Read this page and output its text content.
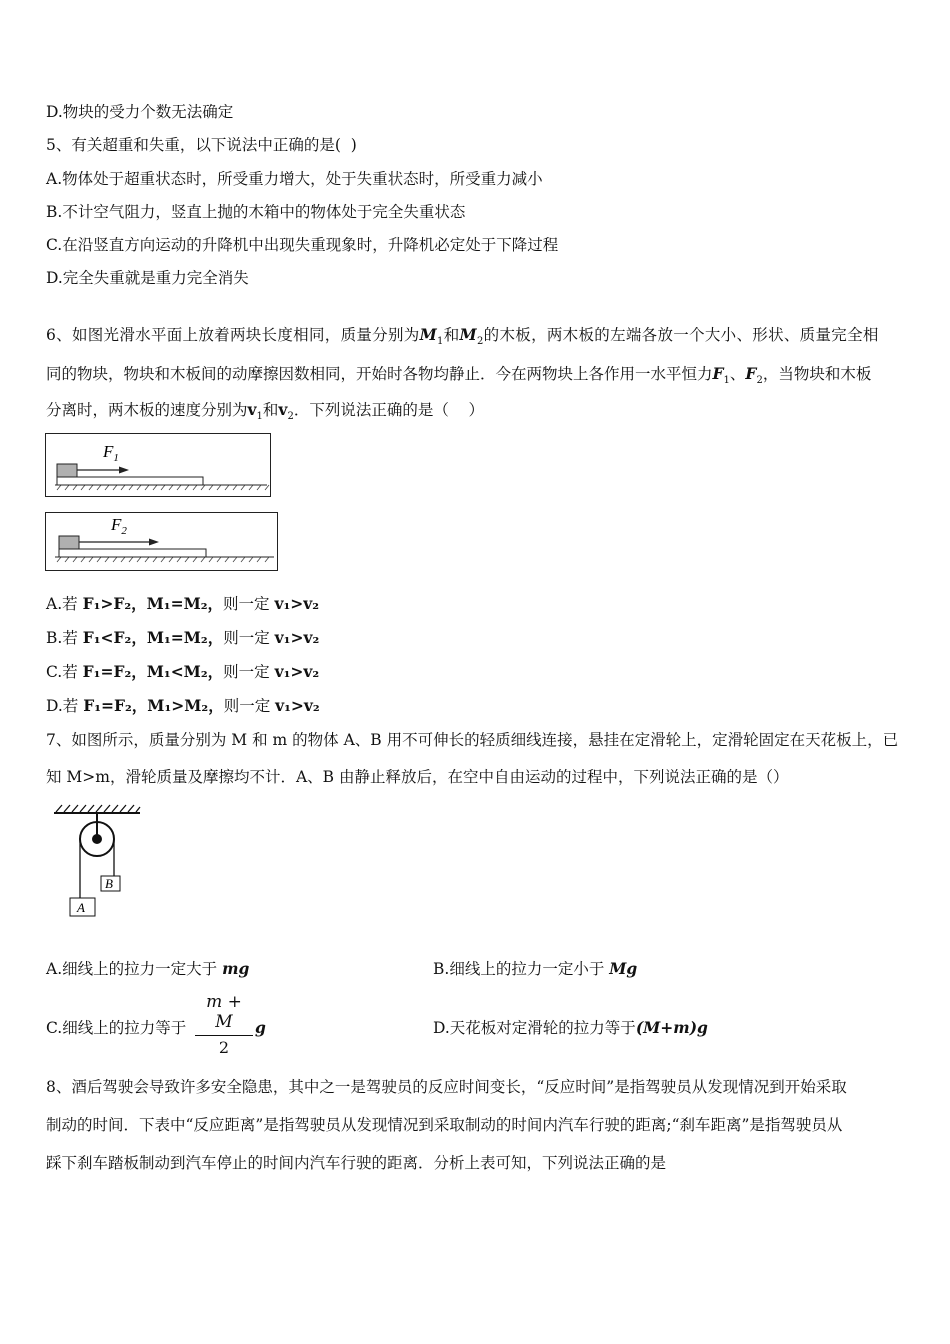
D.物块的受力个数无法确定
5、有关超重和失重，以下说法中正确的是(  )
A.物体处于超重状态时，所受重力增大，处于失重状态时，所受重力减小
B.不计空气阻力，竖直上抛的木箱中的物体处于完全失重状态
C.在沿竖直方向运动的升降机中出现失重现象时，升降机必定处于下降过程
D.完全失重就是重力完全消失
6、如图光滑水平面上放着两块长度相同，质量分别为$M_1$和$M_2$的木板，两木板的左端各放一个大小、形状、质量完全相
同的物块，物块和木板间的动摩擦因数相同，开始时各物均静止．今在两物块上各作用一水平恒力$F_1$、$F_2$，当物块和木板
分离时，两木板的速度分别为$v_1$和$v_2$．下列说法正确的是（    ）
$F_1$
$F_2$
A.若 F₁>F₂，M₁=M₂，则一定 v₁>v₂
B.若 F₁<F₂，M₁=M₂，则一定 v₁>v₂
C.若 F₁=F₂，M₁<M₂，则一定 v₁>v₂
D.若 F₁=F₂，M₁>M₂，则一定 v₁>v₂
7、如图所示，质量分别为 M 和 m 的物体 A、B 用不可伸长的轻质细线连接，悬挂在定滑轮上，定滑轮固定在天花板上，已
知 M>m，滑轮质量及摩擦均不计．A、B 由静止释放后，在空中自由运动的过程中，下列说法正确的是（）
B
A
A.细线上的拉力一定大于 mg	B.细线上的拉力一定小于 Mg
C.细线上的拉力等于 $\frac{m + M}{2}$ g	D.天花板对定滑轮的拉力等于(M+m)g
8、酒后驾驶会导致许多安全隐患，其中之一是驾驶员的反应时间变长，“反应时间”是指驾驶员从发现情况到开始采取
制动的时间．下表中“反应距离”是指驾驶员从发现情况到采取制动的时间内汽车行驶的距离;“刹车距离”是指驾驶员从
踩下刹车踏板制动到汽车停止的时间内汽车行驶的距离．分析上表可知，下列说法正确的是
